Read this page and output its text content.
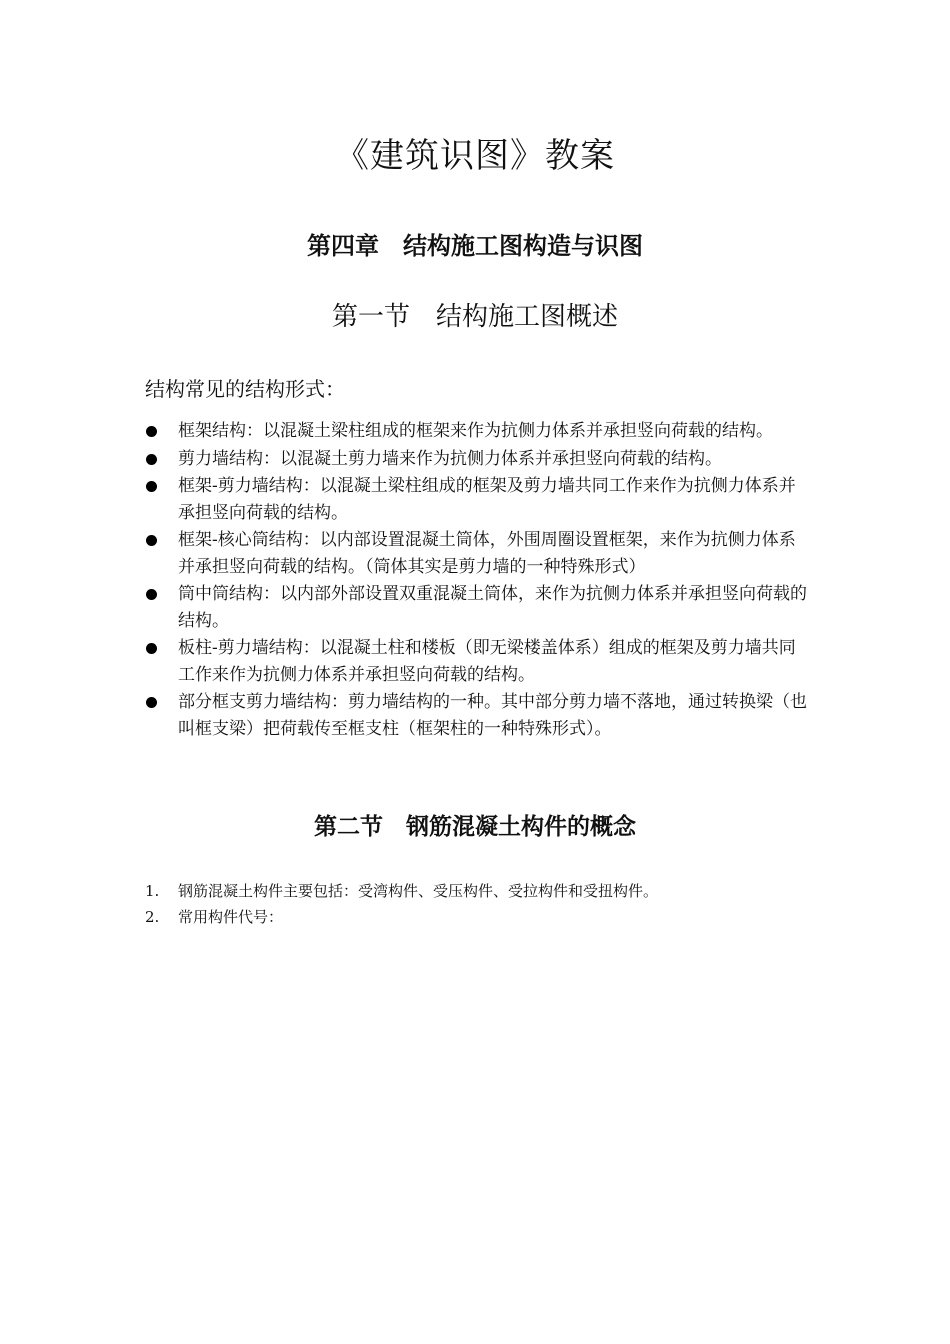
《建筑识图》教案
第四章　结构施工图构造与识图
第一节　结构施工图概述
结构常见的结构形式：
框架结构：以混凝土梁柱组成的框架来作为抗侧力体系并承担竖向荷载的结构。
剪力墙结构：以混凝土剪力墙来作为抗侧力体系并承担竖向荷载的结构。
框架-剪力墙结构：以混凝土梁柱组成的框架及剪力墙共同工作来作为抗侧力体系并承担竖向荷载的结构。
框架-核心筒结构：以内部设置混凝土筒体，外围周圈设置框架，来作为抗侧力体系并承担竖向荷载的结构。（筒体其实是剪力墙的一种特殊形式）
筒中筒结构：以内部外部设置双重混凝土筒体，来作为抗侧力体系并承担竖向荷载的结构。
板柱-剪力墙结构：以混凝土柱和楼板（即无梁楼盖体系）组成的框架及剪力墙共同工作来作为抗侧力体系并承担竖向荷载的结构。
部分框支剪力墙结构：剪力墙结构的一种。其中部分剪力墙不落地，通过转换梁（也叫框支梁）把荷载传至框支柱（框架柱的一种特殊形式）。
第二节　钢筋混凝土构件的概念
1. 钢筋混凝土构件主要包括：受湾构件、受压构件、受拉构件和受扭构件。
2. 常用构件代号：
